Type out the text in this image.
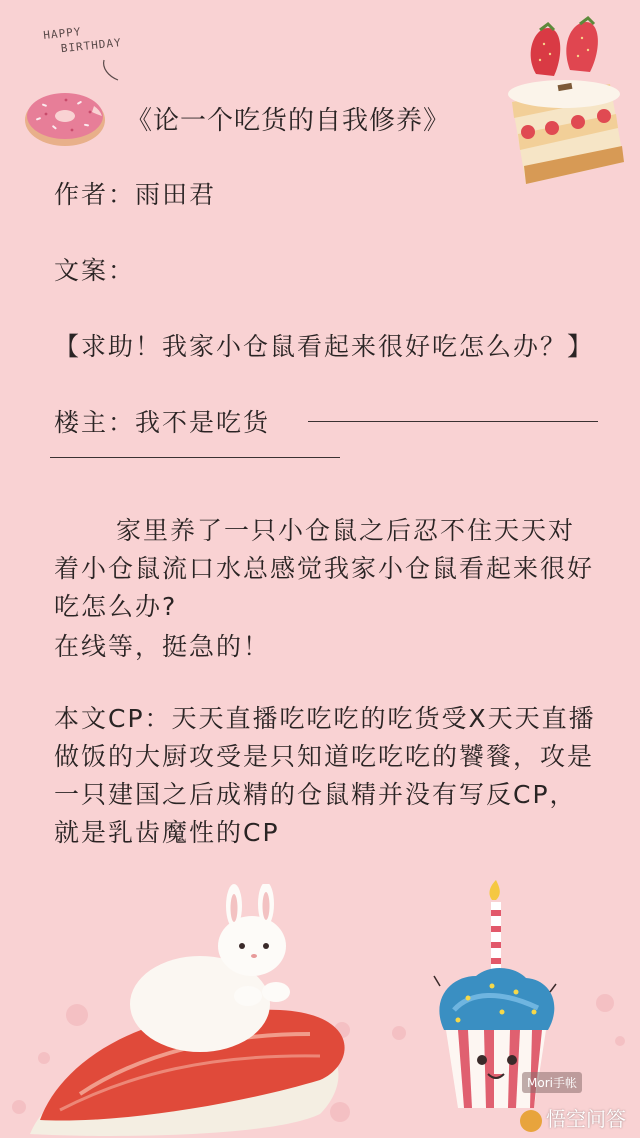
HAPPY
BIRTHDAY
《论一个吃货的自我修养》
作者：雨田君
文案：
【求助！我家小仓鼠看起来很好吃怎么办？】
楼主：我不是吃货
家里养了一只小仓鼠之后忍不住天天对着小仓鼠流口水总感觉我家小仓鼠看起来很好吃怎么办?
在线等，挺急的！
本文CP：天天直播吃吃吃的吃货受X天天直播做饭的大厨攻受是只知道吃吃吃的饕餮，攻是一只建国之后成精的仓鼠精并没有写反CP，就是乳齿魔性的CP
Mori手帐
悟空问答
